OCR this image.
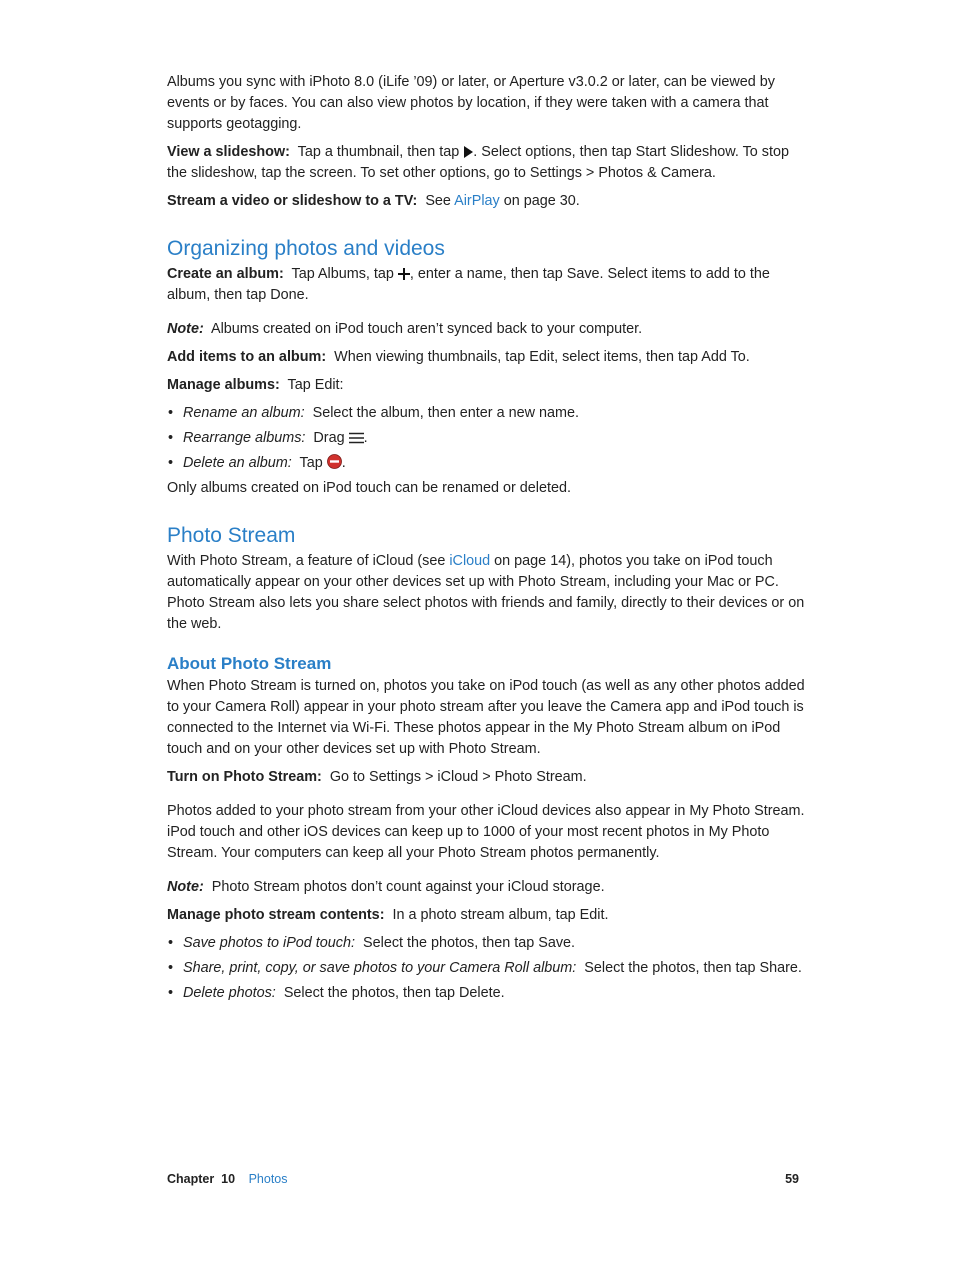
Albums you sync with iPhoto 8.0 (iLife ’09) or later, or Aperture v3.0.2 or later, can be viewed by events or by faces. You can also view photos by location, if they were taken with a camera that supports geotagging.

View a slideshow: Tap a thumbnail, then tap . Select options, then tap Start Slideshow. To stop the slideshow, tap the screen. To set other options, go to Settings > Photos & Camera.

Stream a video or slideshow to a TV: See AirPlay on page 30.

Organizing photos and videos

Create an album: Tap Albums, tap , enter a name, then tap Save. Select items to add to the album, then tap Done.

Note: Albums created on iPod touch aren’t synced back to your computer.

Add items to an album: When viewing thumbnails, tap Edit, select items, then tap Add To.

Manage albums: Tap Edit:

• Rename an album: Select the album, then enter a new name.
• Rearrange albums: Drag .
• Delete an album: Tap .

Only albums created on iPod touch can be renamed or deleted.

Photo Stream

With Photo Stream, a feature of iCloud (see iCloud on page 14), photos you take on iPod touch automatically appear on your other devices set up with Photo Stream, including your Mac or PC. Photo Stream also lets you share select photos with friends and family, directly to their devices or on the web.

About Photo Stream

When Photo Stream is turned on, photos you take on iPod touch (as well as any other photos added to your Camera Roll) appear in your photo stream after you leave the Camera app and iPod touch is connected to the Internet via Wi-Fi. These photos appear in the My Photo Stream album on iPod touch and on your other devices set up with Photo Stream.

Turn on Photo Stream: Go to Settings > iCloud > Photo Stream.

Photos added to your photo stream from your other iCloud devices also appear in My Photo Stream. iPod touch and other iOS devices can keep up to 1000 of your most recent photos in My Photo Stream. Your computers can keep all your Photo Stream photos permanently.

Note: Photo Stream photos don’t count against your iCloud storage.

Manage photo stream contents: In a photo stream album, tap Edit.

• Save photos to iPod touch: Select the photos, then tap Save.
• Share, print, copy, or save photos to your Camera Roll album: Select the photos, then tap Share.
• Delete photos: Select the photos, then tap Delete.
Chapter  10 Photos	59
